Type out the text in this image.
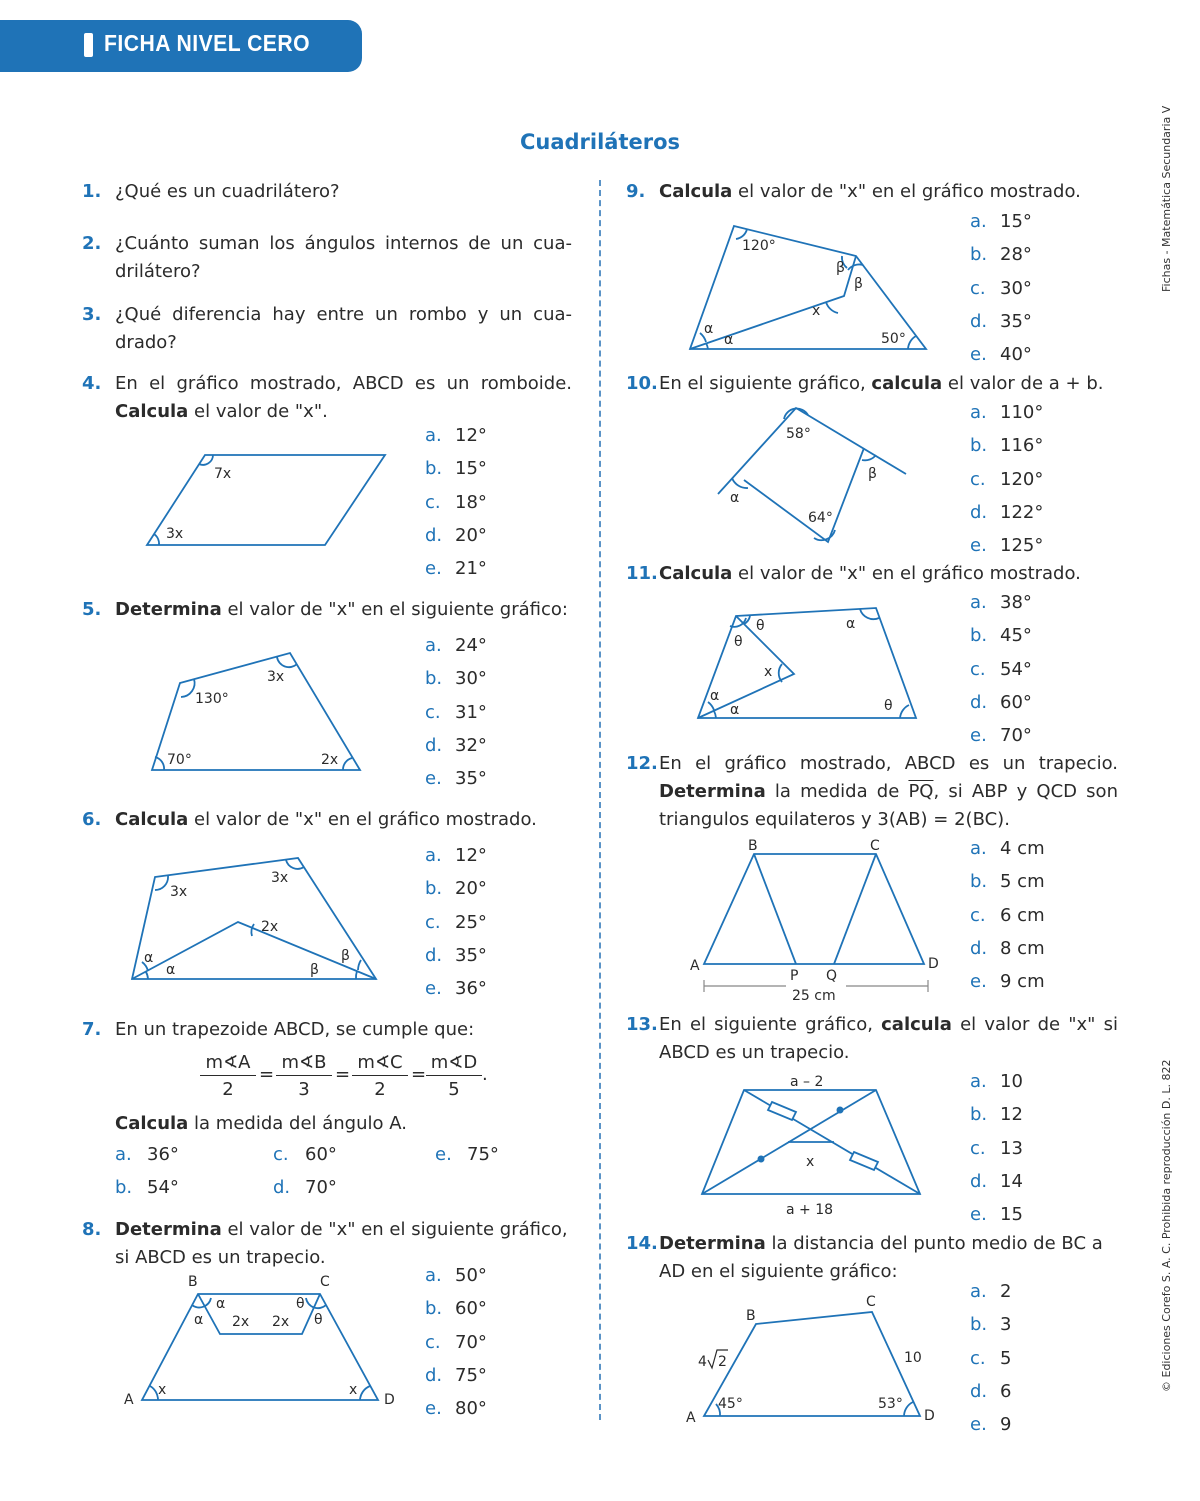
FICHA NIVEL CERO
Cuadriláteros	Fichas - Matemática Secundaria V
© Ediciones Corefo S. A. C. Prohibida reproducción D. L. 822
1. ¿Qué es un cuadrilátero?
2. ¿Cuánto suman los ángulos internos de un cua-
drilátero?
3. ¿Qué diferencia hay entre un rombo y un cua-
drado?
4. En el gráfico mostrado, ABCD es un romboide.
Calcula el valor de "x".
7x
3x
a. 12°
b. 15°
c. 18°
d. 20°
e. 21°
5. Determina el valor de "x" en el siguiente gráfico:
130°
3x
70°	2x
a. 24°
b. 30°
c. 31°
d. 32°
e. 35°
6. Calcula el valor de "x" en el gráfico mostrado.
3x
3x
2x
α
α	β
β
a. 12°
b. 20°
c. 25°
d. 35°
e. 36°
7. En un trapezoide ABCD, se cumple que:
$\frac{m∢A}{2} = \frac{m∢B}{3} = \frac{m∢C}{2} = \frac{m∢D}{5}$ .
Calcula la medida del ángulo A.
a. 36°
b. 54°
c. 60°
d. 70°
e. 75°
8. Determina el valor de "x" en el siguiente gráfico,
si ABCD es un trapecio.
B	C
A	D
α
α
θ
θ
2x 2x
x	x
a. 50°
b. 60°
c. 70°
d. 75°
e. 80°
9. Calcula el valor de "x" en el gráfico mostrado.
120°
50°
x
α
α
β
β
a. 15°
b. 28°
c. 30°
d. 35°
e. 40°
10. En el siguiente gráfico, calcula el valor de a + b.
58°
64°
α
β
a. 110°
b. 116°
c. 120°
d. 122°
e. 125°
11. Calcula el valor de "x" en el gráfico mostrado.
θ
θ
α
x
α
α	θ
a. 38°
b. 45°
c. 54°
d. 60°
e. 70°
12. En el gráfico mostrado, ABCD es un trapecio.
Determina la medida de $\overline{PQ}$, si ABP y QCD son
triangulos equilateros y 3(AB) = 2(BC).
B	C
A	D
P Q
25 cm
a. 4 cm
b. 5 cm
c. 6 cm
d. 8 cm
e. 9 cm
13. En el siguiente gráfico, calcula el valor de "x" si
ABCD es un trapecio.
a – 2
a + 18
x
a. 10
b. 12
c. 13
d. 14
e. 15
14. Determina la distancia del punto medio de BC a
AD en el siguiente gráfico:
B
C
A	D
4 2	10
45°	53°
a. 2
b. 3
c. 5
d. 6
e. 9
